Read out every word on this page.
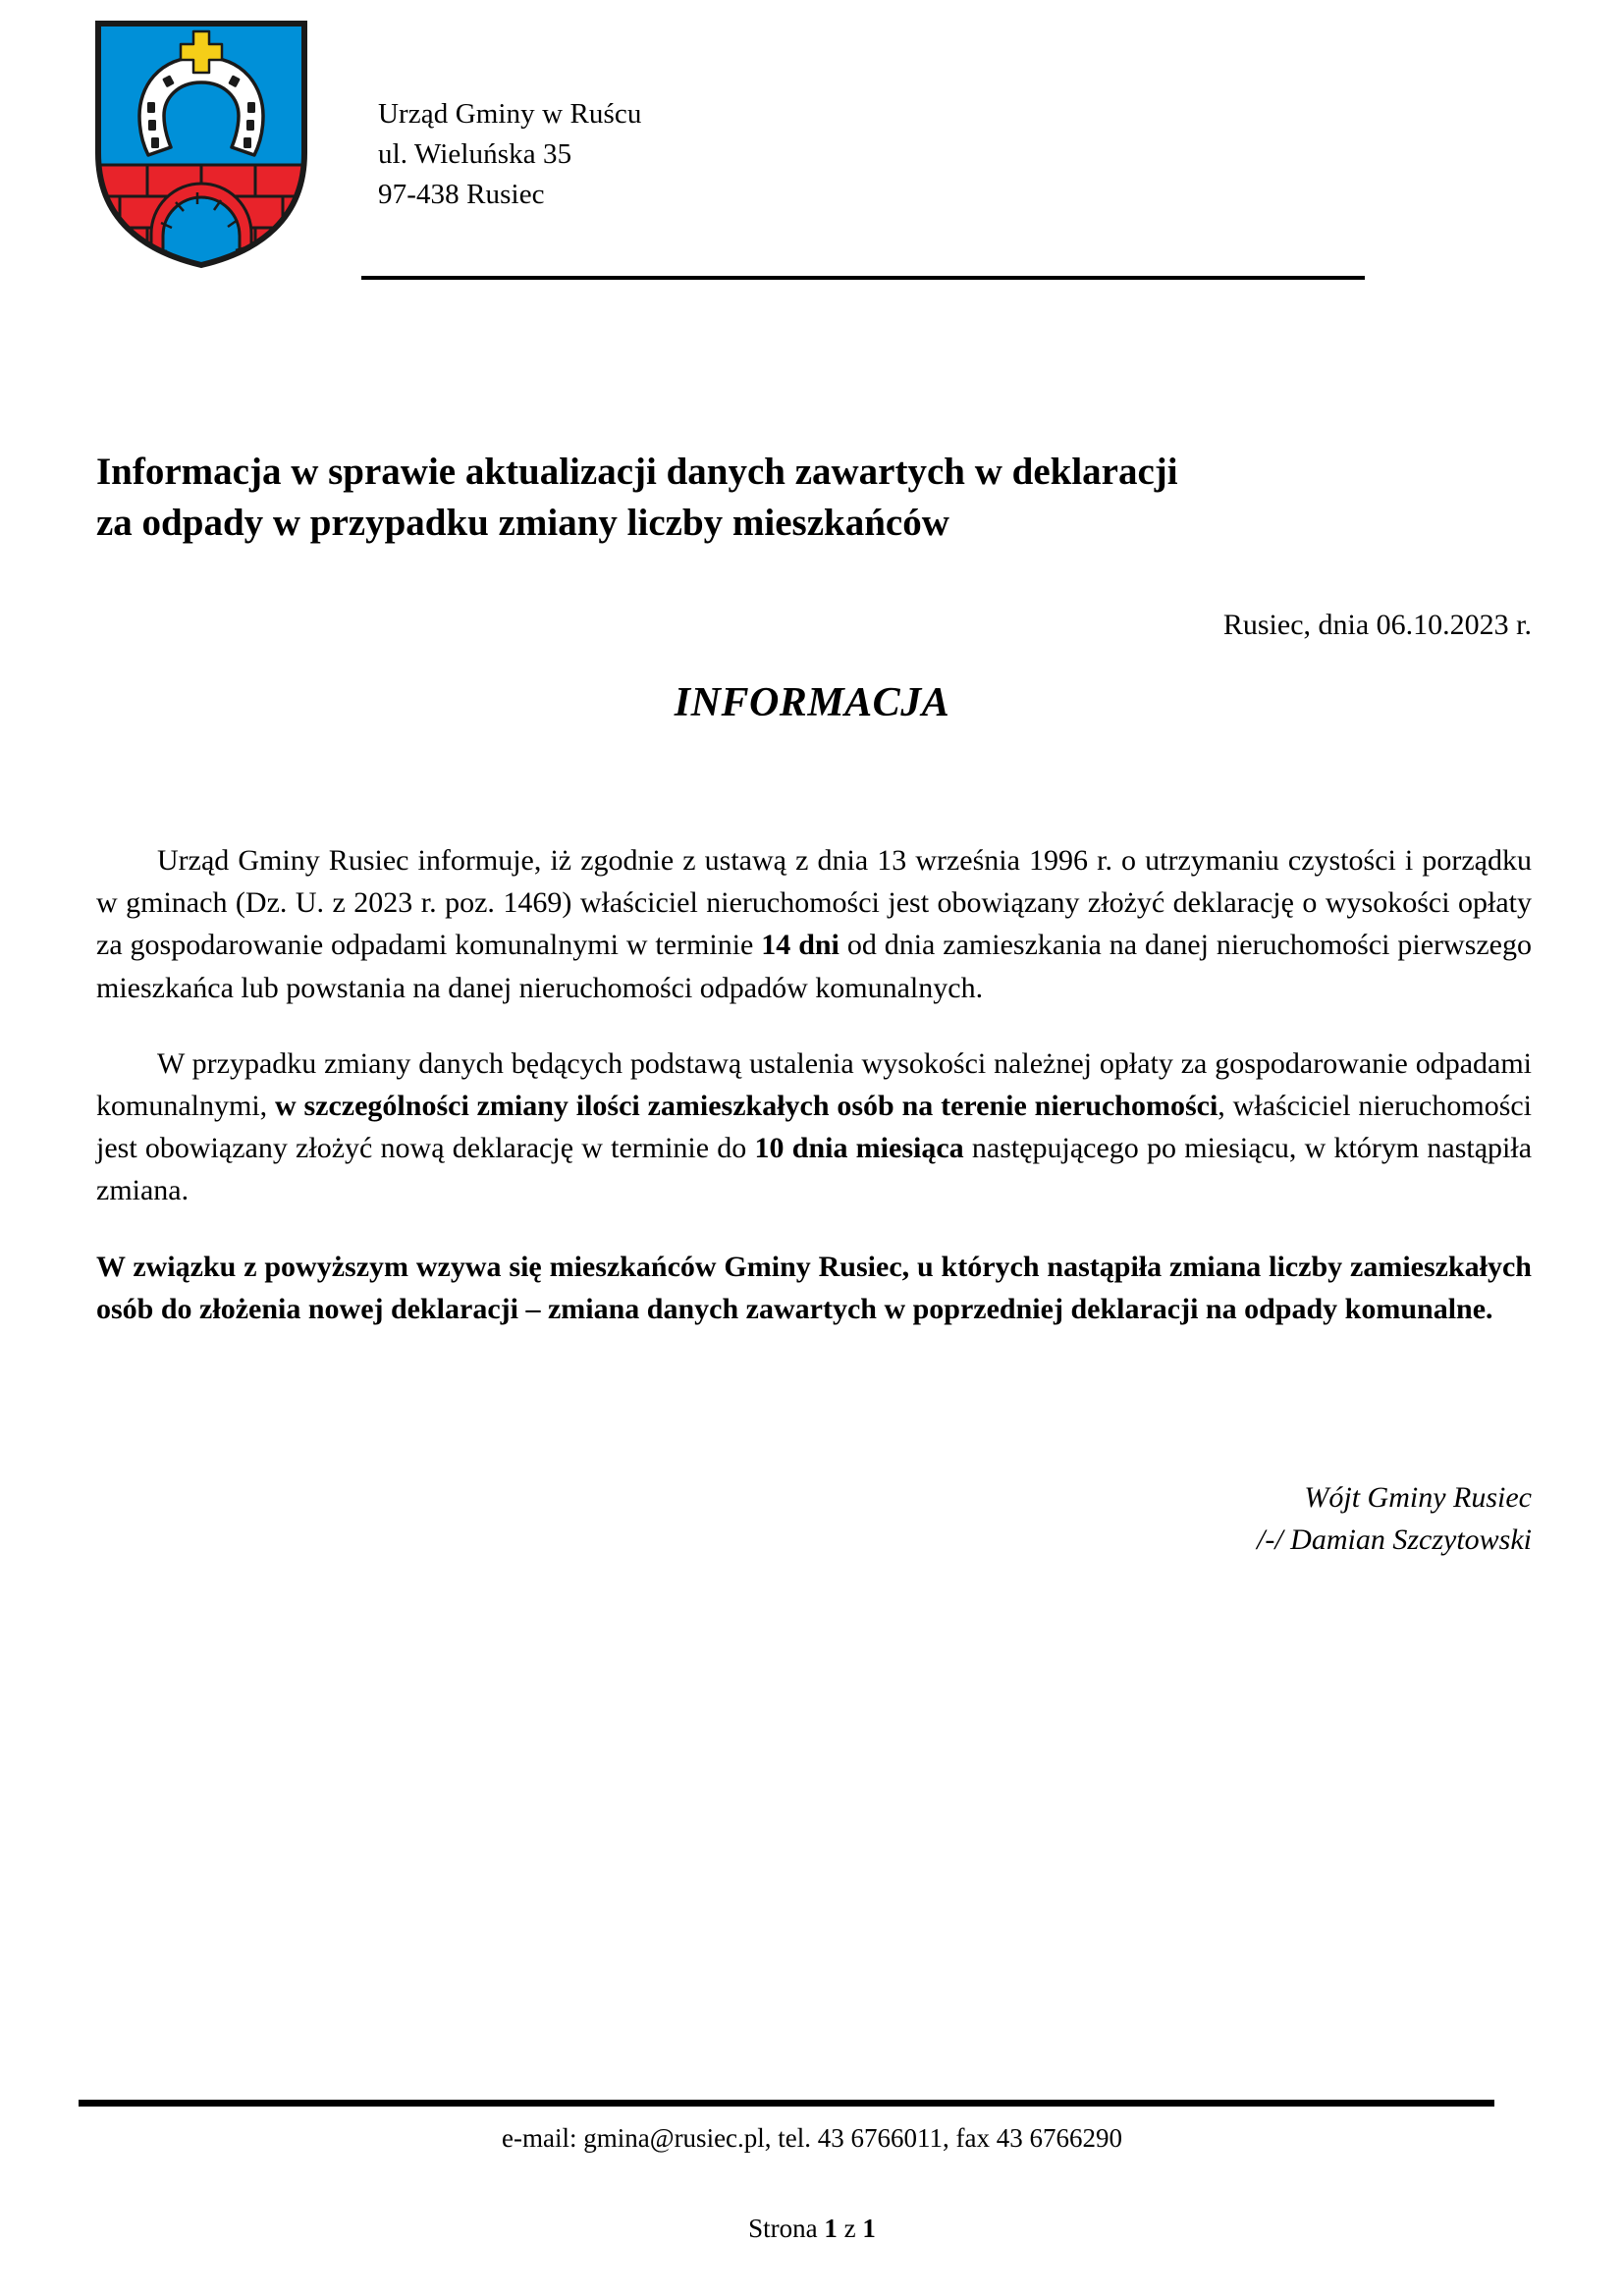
Urząd Gminy w Ruścu
ul. Wieluńska 35
97-438 Rusiec
Informacja w sprawie aktualizacji danych zawartych w deklaracji
za odpady w przypadku zmiany liczby mieszkańców
Rusiec, dnia 06.10.2023 r.
INFORMACJA

Urząd Gminy Rusiec informuje, iż zgodnie z ustawą z dnia 13 września 1996 r. o utrzymaniu czystości i porządku w gminach (Dz. U. z 2023 r. poz. 1469) właściciel nieruchomości jest obowiązany złożyć deklarację o wysokości opłaty za gospodarowanie odpadami komunalnymi w terminie 14 dni od dnia zamieszkania na danej nieruchomości pierwszego mieszkańca lub powstania na danej nieruchomości odpadów komunalnych.

W przypadku zmiany danych będących podstawą ustalenia wysokości należnej opłaty za gospodarowanie odpadami komunalnymi, w szczególności zmiany ilości zamieszkałych osób na terenie nieruchomości, właściciel nieruchomości jest obowiązany złożyć nową deklarację w terminie do 10 dnia miesiąca następującego po miesiącu, w którym nastąpiła zmiana.

W związku z powyższym wzywa się mieszkańców Gminy Rusiec, u których nastąpiła zmiana liczby zamieszkałych osób do złożenia nowej deklaracji – zmiana danych zawartych w poprzedniej deklaracji na odpady komunalne.

Wójt Gminy Rusiec
/-/ Damian Szczytowski
e-mail: gmina@rusiec.pl, tel. 43 6766011, fax 43 6766290
Strona 1 z 1
